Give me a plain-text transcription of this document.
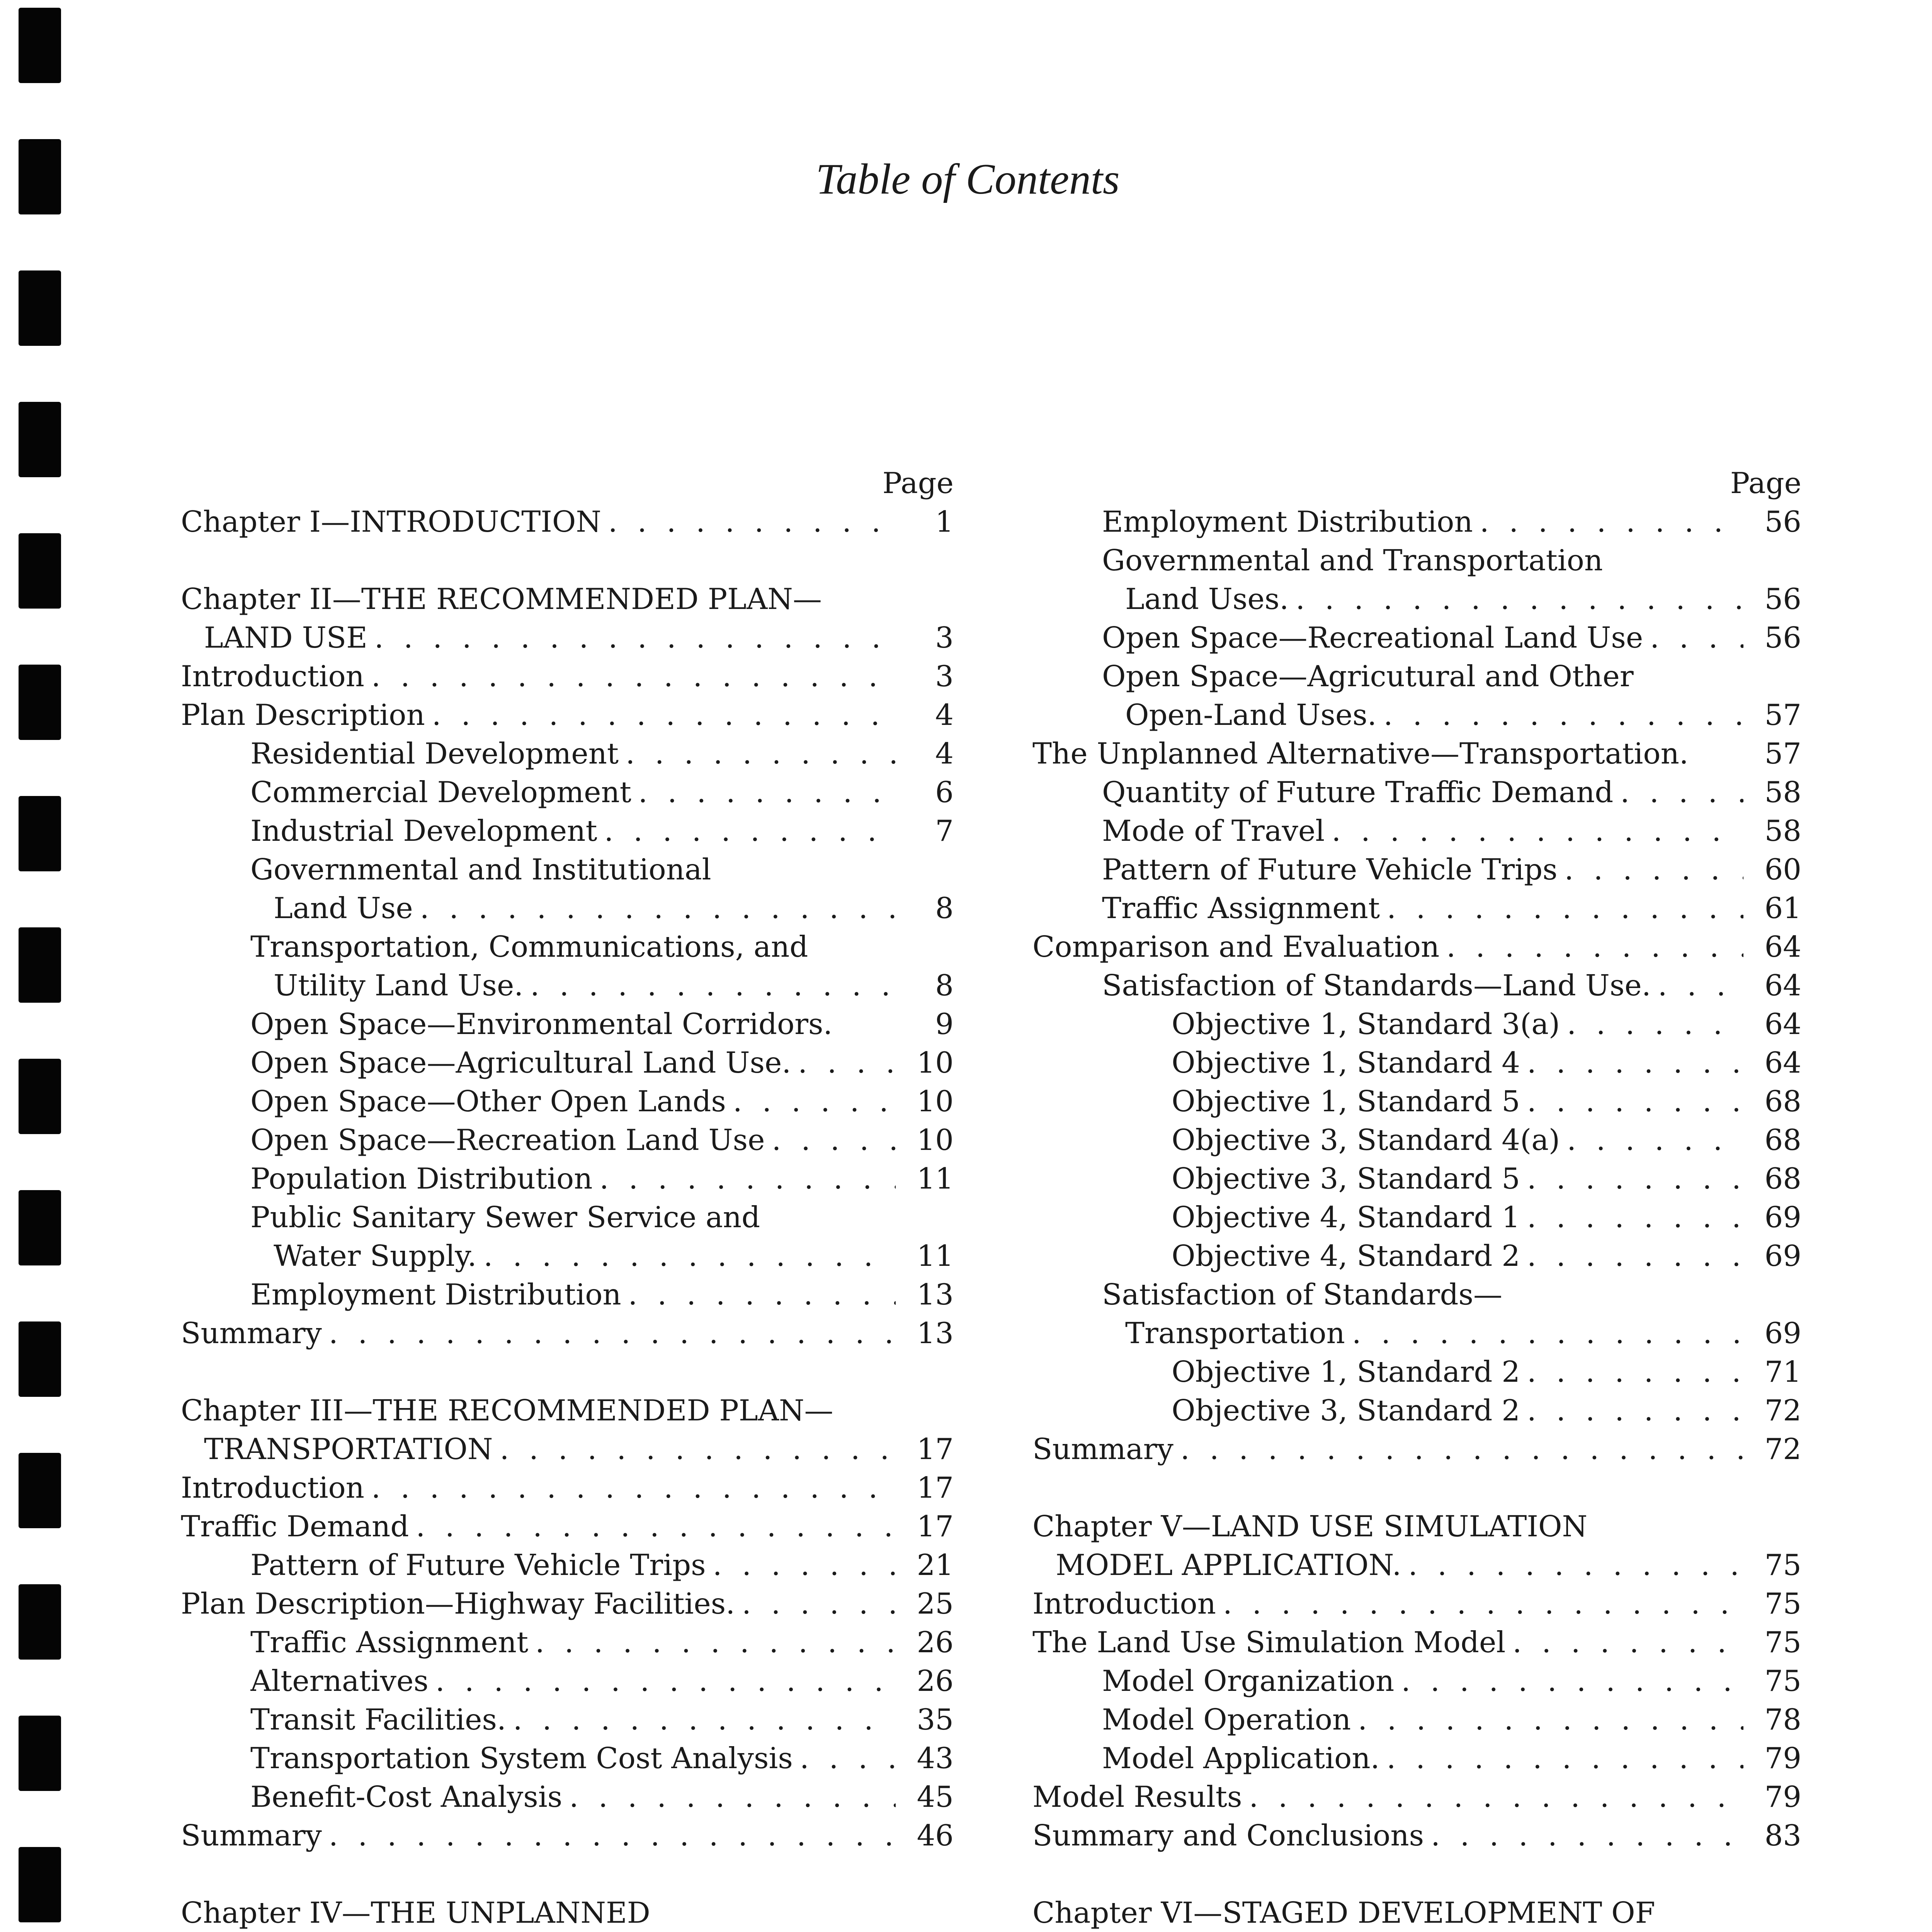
Table of Contents
Page
Chapter I—INTRODUCTION . . .	1
Chapter II—THE RECOMMENDED PLAN—
LAND USE . . .	3
Introduction . . .	3
Plan Description . . .	4
Residential Development . . .	4
Commercial Development . . .	6
Industrial Development . . .	7
Governmental and Institutional
Land Use . . .	8
Transportation, Communications, and
Utility Land Use. . . .	8
Open Space—Environmental Corridors.	9
Open Space—Agricultural Land Use. . . .	10
Open Space—Other Open Lands . . .	10
Open Space—Recreation Land Use . . .	10
Population Distribution . . .	11
Public Sanitary Sewer Service and
Water Supply. . . .	11
Employment Distribution . . .	13
Summary . . .	13
Chapter III—THE RECOMMENDED PLAN—
TRANSPORTATION . . .	17
Introduction . . .	17
Traffic Demand . . .	17
Pattern of Future Vehicle Trips . . .	21
Plan Description—Highway Facilities. . . .	25
Traffic Assignment . . .	26
Alternatives . . .	26
Transit Facilities. . . .	35
Transportation System Cost Analysis . . .	43
Benefit-Cost Analysis . . .	45
Summary . . .	46
Chapter IV—THE UNPLANNED
Page
Employment Distribution . . .	56
Governmental and Transportation
Land Uses. . . .	56
Open Space—Recreational Land Use . . .	56
Open Space—Agricutural and Other
Open-Land Uses. . . .	57
The Unplanned Alternative—Transportation.	57
Quantity of Future Traffic Demand . . .	58
Mode of Travel . . .	58
Pattern of Future Vehicle Trips . . .	60
Traffic Assignment . . .	61
Comparison and Evaluation . . .	64
Satisfaction of Standards—Land Use. . . .	64
Objective 1, Standard 3(a) . . .	64
Objective 1, Standard 4 . . .	64
Objective 1, Standard 5 . . .	68
Objective 3, Standard 4(a) . . .	68
Objective 3, Standard 5 . . .	68
Objective 4, Standard 1 . . .	69
Objective 4, Standard 2 . . .	69
Satisfaction of Standards—
Transportation . . .	69
Objective 1, Standard 2 . . .	71
Objective 3, Standard 2 . . .	72
Summary . . .	72
Chapter V—LAND USE SIMULATION
MODEL APPLICATION. . . .	75
Introduction . . .	75
The Land Use Simulation Model . . .	75
Model Organization . . .	75
Model Operation . . .	78
Model Application. . . .	79
Model Results . . .	79
Summary and Conclusions . . .	83
Chapter VI—STAGED DEVELOPMENT OF
